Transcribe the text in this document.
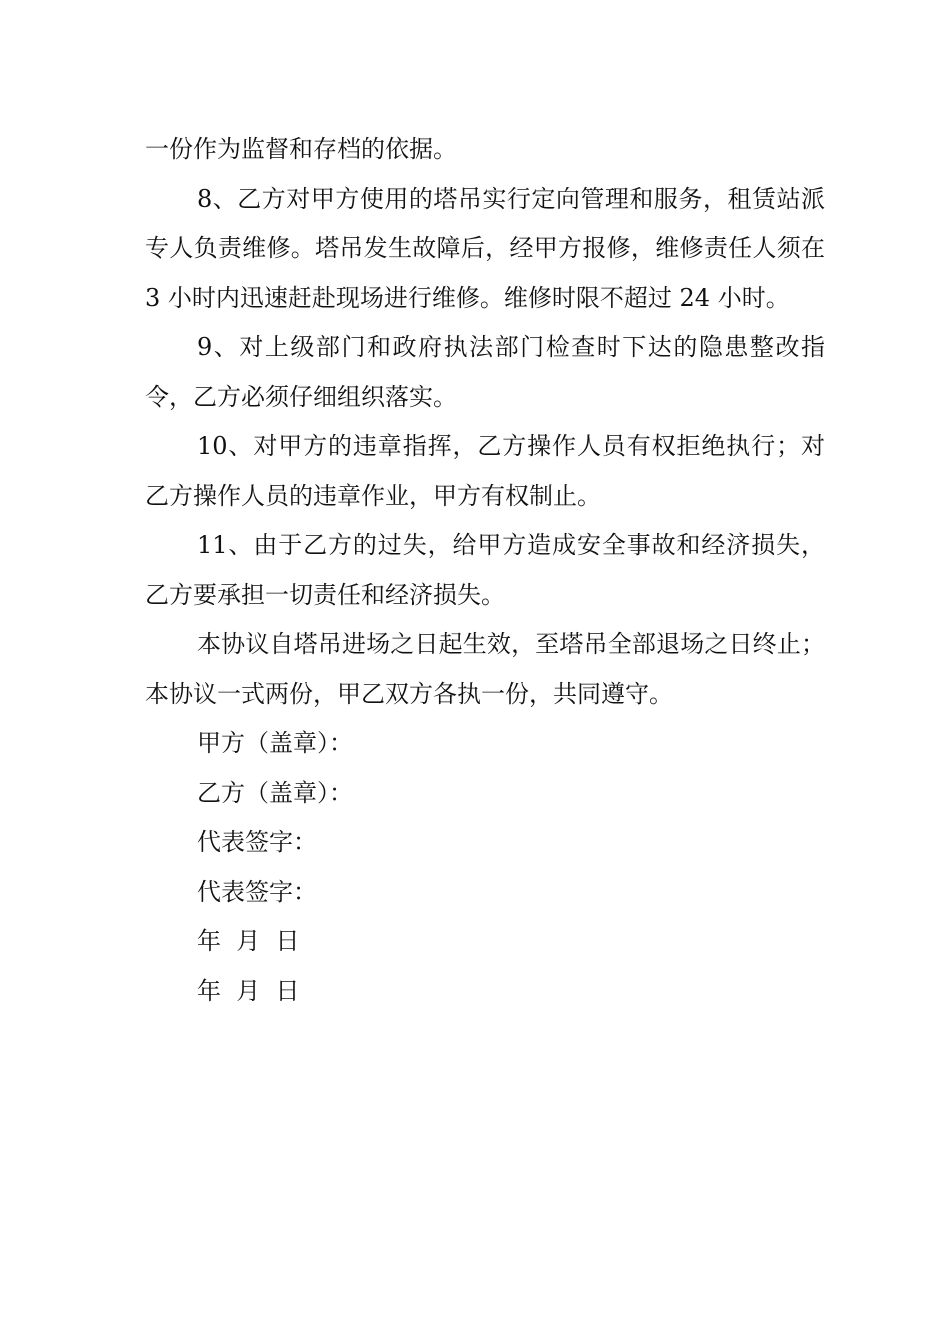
一份作为监督和存档的依据。

8、乙方对甲方使用的塔吊实行定向管理和服务，租赁站派专人负责维修。塔吊发生故障后，经甲方报修，维修责任人须在 3 小时内迅速赶赴现场进行维修。维修时限不超过 24 小时。

9、对上级部门和政府执法部门检查时下达的隐患整改指令，乙方必须仔细组织落实。

10、对甲方的违章指挥，乙方操作人员有权拒绝执行；对乙方操作人员的违章作业，甲方有权制止。

11、由于乙方的过失，给甲方造成安全事故和经济损失，乙方要承担一切责任和经济损失。

本协议自塔吊进场之日起生效，至塔吊全部退场之日终止；本协议一式两份，甲乙双方各执一份，共同遵守。

甲方（盖章）：

乙方（盖章）：

代表签字：

代表签字：

年  月  日

年  月  日
